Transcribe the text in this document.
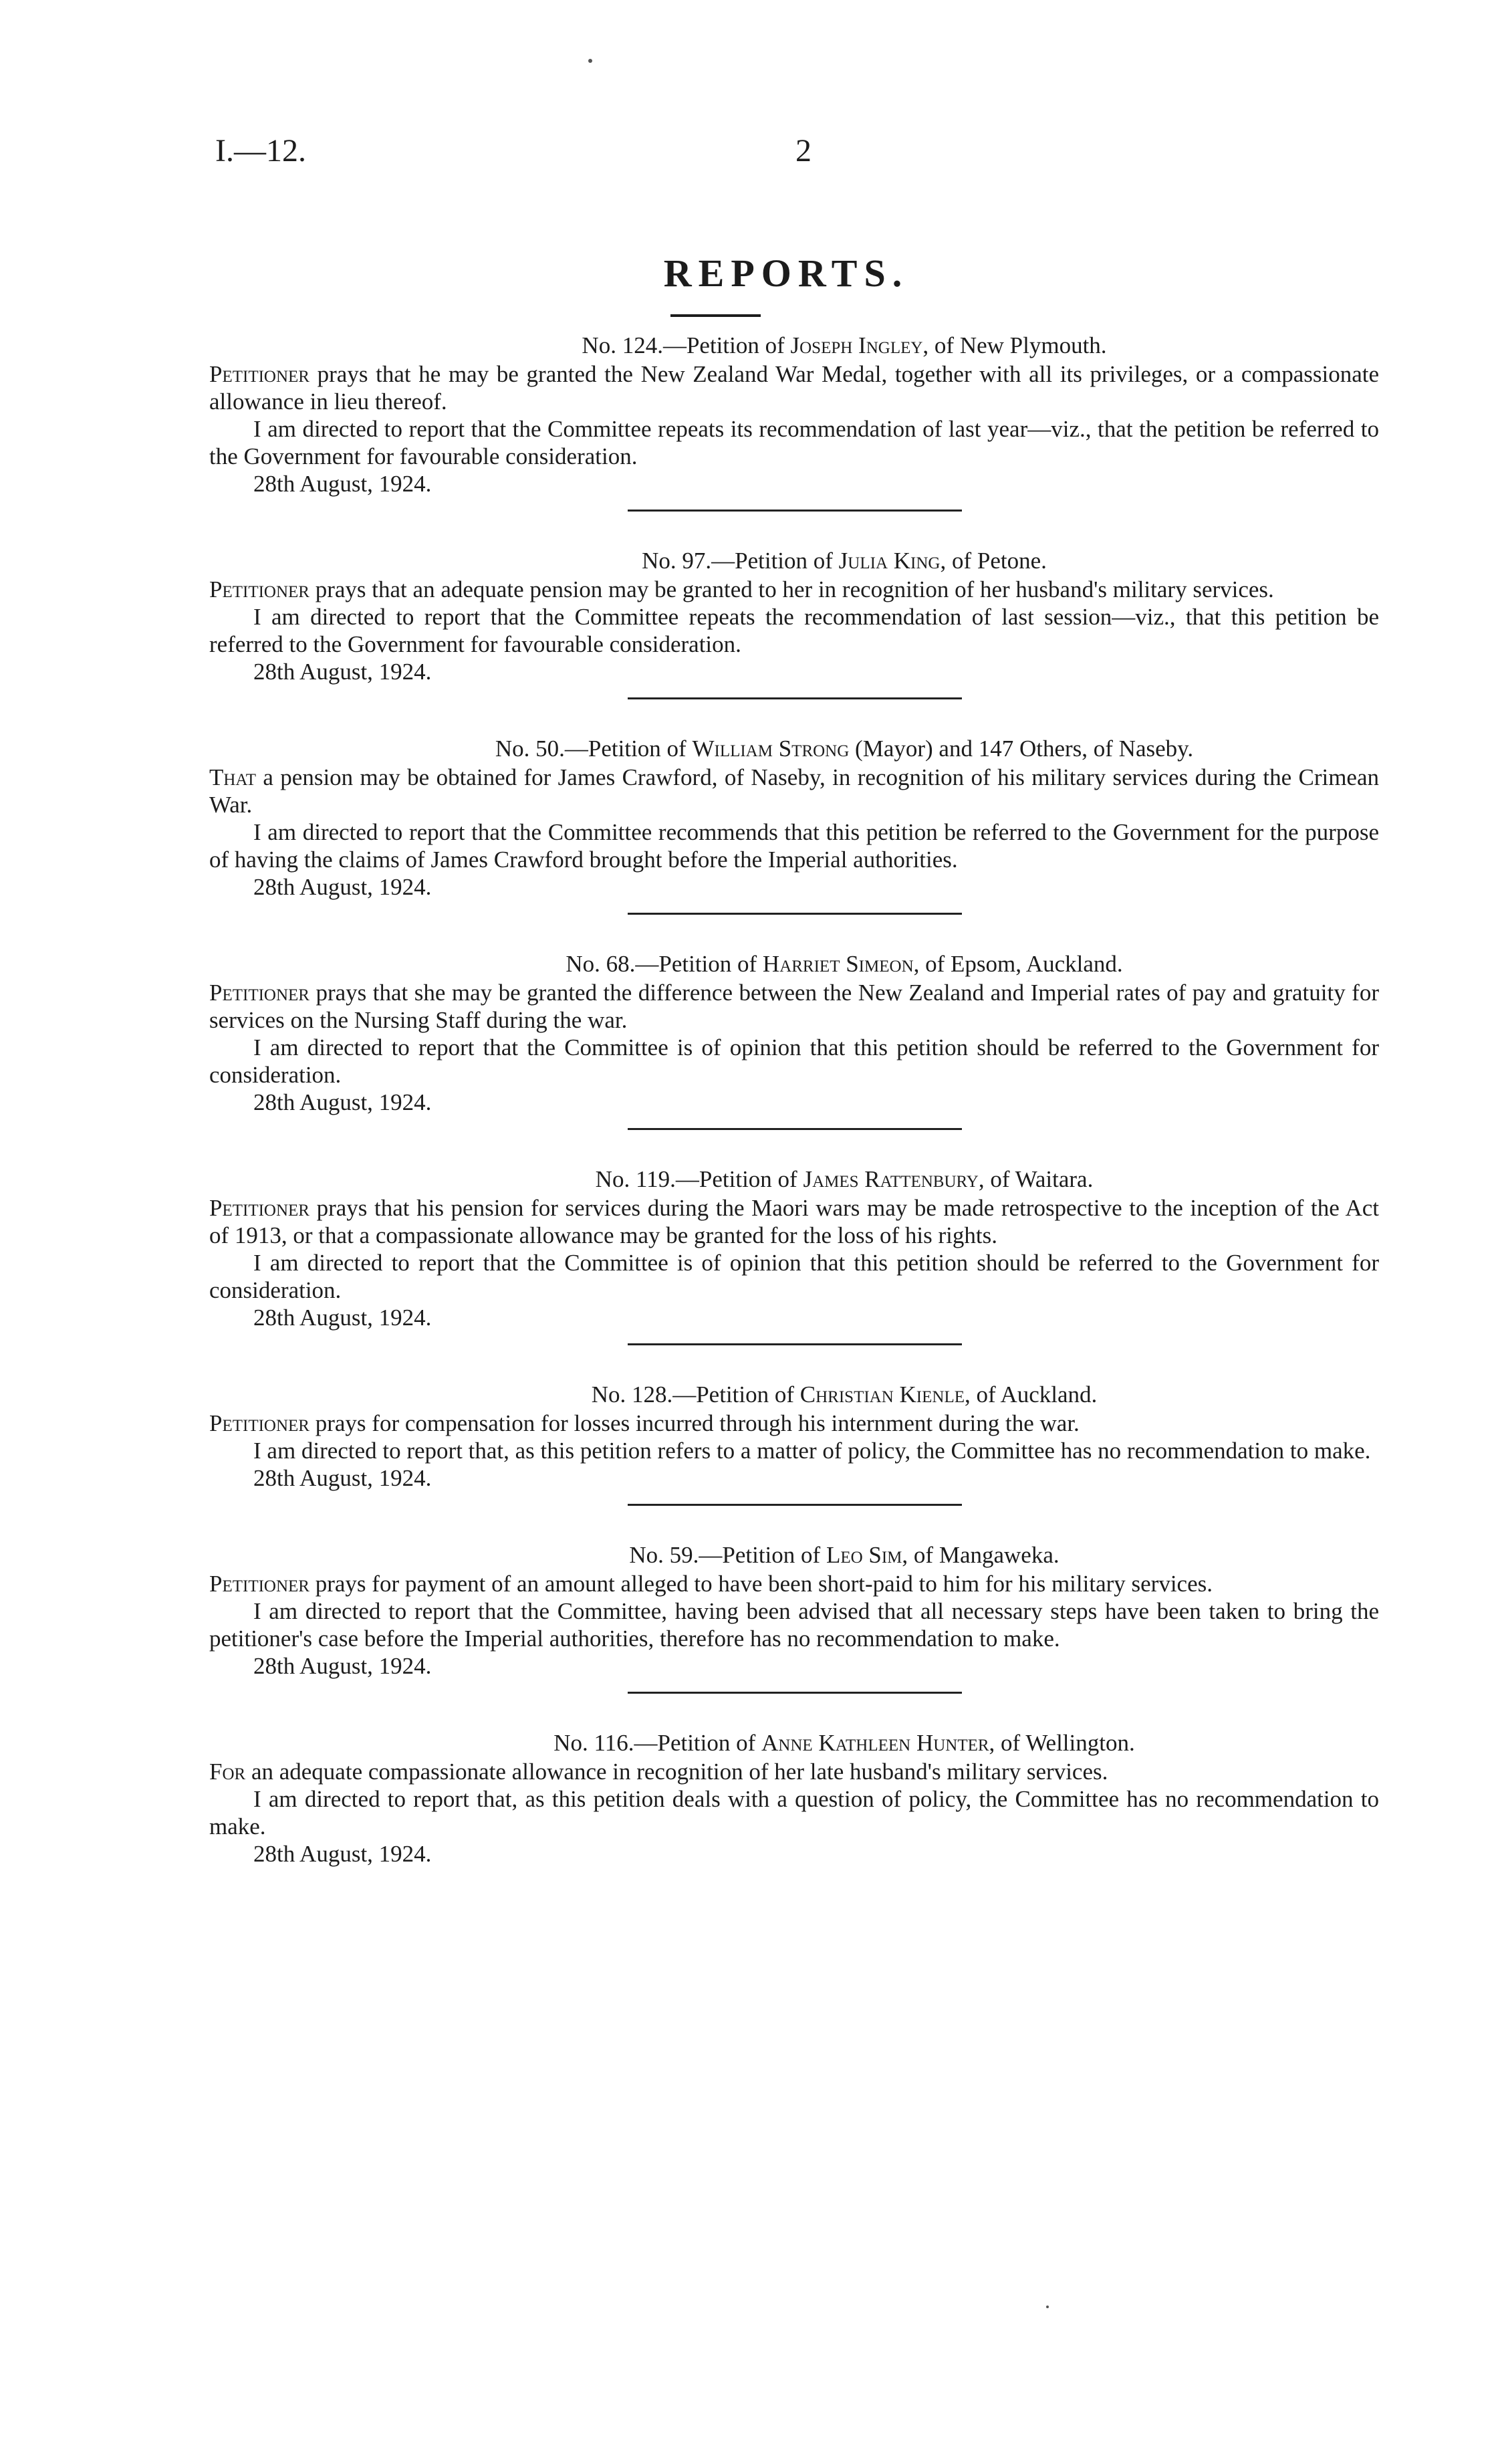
I.—12.	2
REPORTS.
No. 124.—Petition of Joseph Ingley, of New Plymouth.

Petitioner prays that he may be granted the New Zealand War Medal, together with all its privileges, or a compassionate allowance in lieu thereof.

I am directed to report that the Committee repeats its recommendation of last year—viz., that the petition be referred to the Government for favourable consideration.

28th August, 1924.
No. 97.—Petition of Julia King, of Petone.

Petitioner prays that an adequate pension may be granted to her in recognition of her husband's military services.

I am directed to report that the Committee repeats the recommendation of last session—viz., that this petition be referred to the Government for favourable consideration.

28th August, 1924.
No. 50.—Petition of William Strong (Mayor) and 147 Others, of Naseby.

That a pension may be obtained for James Crawford, of Naseby, in recognition of his military services during the Crimean War.

I am directed to report that the Committee recommends that this petition be referred to the Government for the purpose of having the claims of James Crawford brought before the Imperial authorities.

28th August, 1924.
No. 68.—Petition of Harriet Simeon, of Epsom, Auckland.

Petitioner prays that she may be granted the difference between the New Zealand and Imperial rates of pay and gratuity for services on the Nursing Staff during the war.

I am directed to report that the Committee is of opinion that this petition should be referred to the Government for consideration.

28th August, 1924.
No. 119.—Petition of James Rattenbury, of Waitara.

Petitioner prays that his pension for services during the Maori wars may be made retrospective to the inception of the Act of 1913, or that a compassionate allowance may be granted for the loss of his rights.

I am directed to report that the Committee is of opinion that this petition should be referred to the Government for consideration.

28th August, 1924.
No. 128.—Petition of Christian Kienle, of Auckland.

Petitioner prays for compensation for losses incurred through his internment during the war.

I am directed to report that, as this petition refers to a matter of policy, the Committee has no recommendation to make.

28th August, 1924.
No. 59.—Petition of Leo Sim, of Mangaweka.

Petitioner prays for payment of an amount alleged to have been short-paid to him for his military services.

I am directed to report that the Committee, having been advised that all necessary steps have been taken to bring the petitioner's case before the Imperial authorities, therefore has no recommendation to make.

28th August, 1924.
No. 116.—Petition of Anne Kathleen Hunter, of Wellington.

For an adequate compassionate allowance in recognition of her late husband's military services.

I am directed to report that, as this petition deals with a question of policy, the Committee has no recommendation to make.

28th August, 1924.
